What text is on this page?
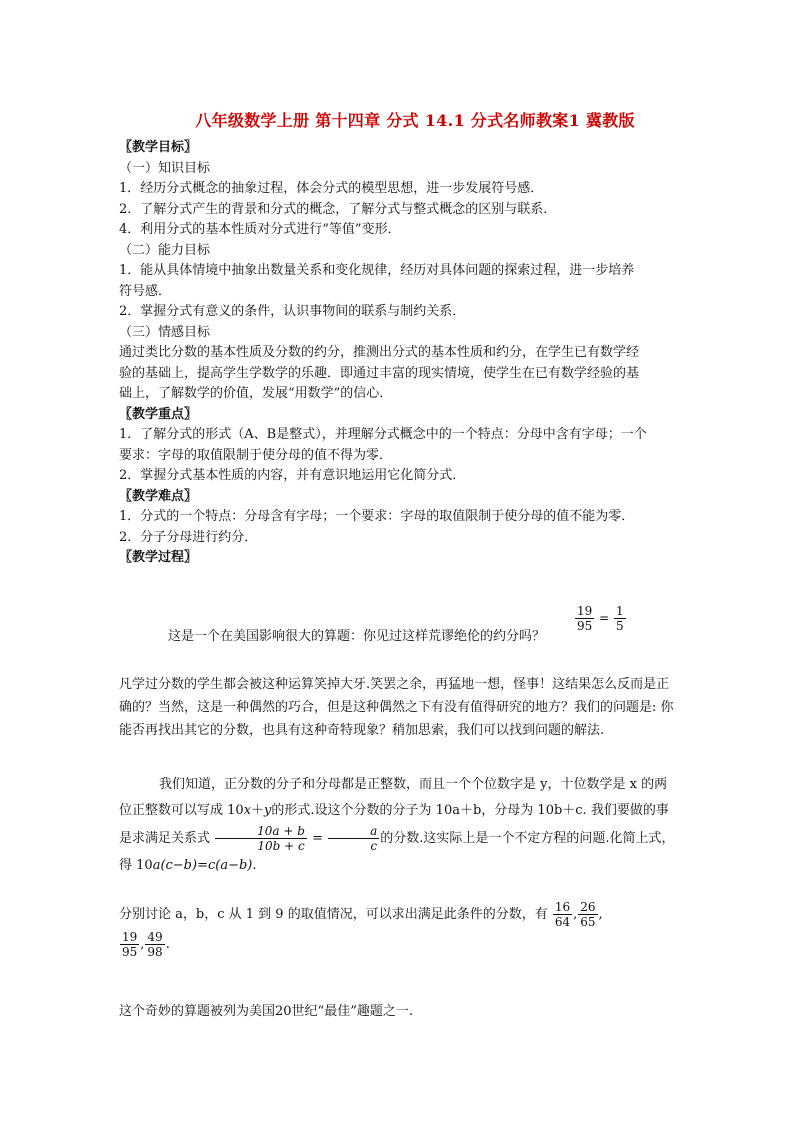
八年级数学上册 第十四章 分式 14.1 分式名师教案1 冀教版
〖教学目标〗
（一）知识目标
1．经历分式概念的抽象过程，体会分式的模型思想，进一步发展符号感．
2．了解分式产生的背景和分式的概念，了解分式与整式概念的区别与联系．
4．利用分式的基本性质对分式进行“等值”变形．
（二）能力目标
1．能从具体情境中抽象出数量关系和变化规律，经历对具体问题的探索过程，进一步培养
符号感．
2．掌握分式有意义的条件，认识事物间的联系与制约关系．
（三）情感目标
通过类比分数的基本性质及分数的约分，推测出分式的基本性质和约分，在学生已有数学经
验的基础上，提高学生学数学的乐趣．即通过丰富的现实情境，使学生在已有数学经验的基
础上，了解数学的价值，发展“用数学”的信心．
〖教学重点〗
1．了解分式的形式（A、B是整式），并理解分式概念中的一个特点：分母中含有字母；一个
要求：字母的取值限制于使分母的值不得为零．
2．掌握分式基本性质的内容，并有意识地运用它化简分式．
〖教学难点〗
1．分式的一个特点：分母含有字母；一个要求：字母的取值限制于使分母的值不能为零．
2．分子分母进行约分．
〖教学过程〗
这是一个在美国影响很大的算题：你见过这样荒谬绝伦的约分吗？
$\frac{19}{95} = \frac{1}{5}$
凡学过分数的学生都会被这种运算笑掉大牙.笑罢之余，再猛地一想，怪事！这结果怎么反而是正确的？当然，这是一种偶然的巧合，但是这种偶然之下有没有值得研究的地方？我们的问题是: 你能否再找出其它的分数，也具有这种奇特现象？稍加思索，我们可以找到问题的解法.
我们知道，正分数的分子和分母都是正整数，而且一个个位数字是 y，十位数学是 x 的两位正整数可以写成 10x＋y的形式.设这个分数的分子为 10a＋b，分母为 10b＋c. 我们要做的事是求满足关系式 $\frac{10a + b}{10b + c} = \frac{a}{c}$ 的分数.这实际上是一个不定方程的问题.化简上式，得 10a(c−b)=c(a−b).
分别讨论 a，b，c 从 1 到 9 的取值情况，可以求出满足此条件的分数，有 $\frac{16}{64}$ , $\frac{26}{65}$ ,

$\frac{19}{95}$ , $\frac{49}{98}$ .
这个奇妙的算题被列为美国20世纪“最佳”趣题之一.
